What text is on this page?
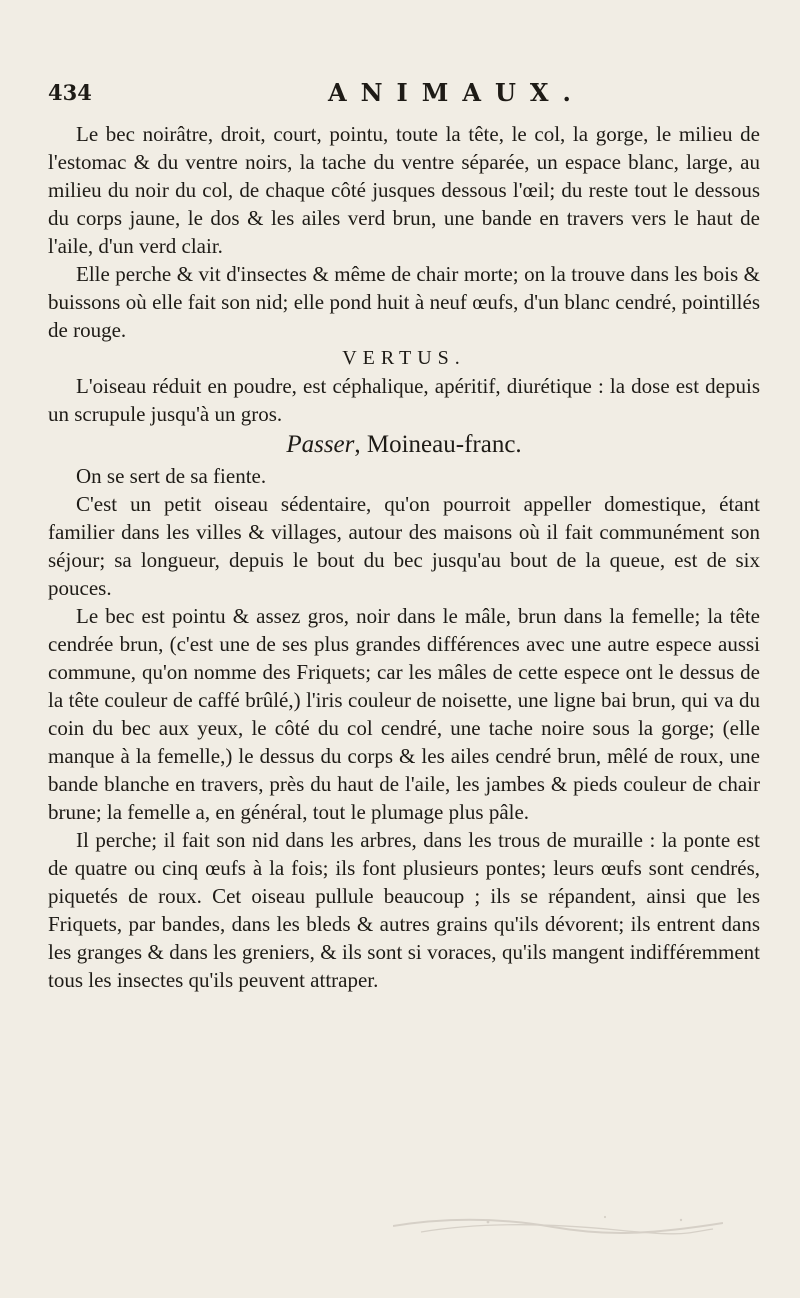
434	ANIMAUX.

Le bec noirâtre, droit, court, pointu, toute la tête, le col, la gorge, le milieu de l'estomac & du ventre noirs, la tache du ventre séparée, un espace blanc, large, au milieu du noir du col, de chaque côté jusques dessous l'œil; du reste tout le dessous du corps jaune, le dos & les ailes verd brun, une bande en travers vers le haut de l'aile, d'un verd clair.

Elle perche & vit d'insectes & même de chair morte; on la trouve dans les bois & buissons où elle fait son nid; elle pond huit à neuf œufs, d'un blanc cendré, pointillés de rouge.

VERTUS.

L'oiseau réduit en poudre, est céphalique, apéritif, diurétique : la dose est depuis un scrupule jusqu'à un gros.

Passer, Moineau-franc.

On se sert de sa fiente.

C'est un petit oiseau sédentaire, qu'on pourroit appeller domestique, étant familier dans les villes & villages, autour des maisons où il fait communément son séjour; sa longueur, depuis le bout du bec jusqu'au bout de la queue, est de six pouces.

Le bec est pointu & assez gros, noir dans le mâle, brun dans la femelle; la tête cendrée brun, (c'est une de ses plus grandes différences avec une autre espece aussi commune, qu'on nomme des Friquets; car les mâles de cette espece ont le dessus de la tête couleur de caffé brûlé,) l'iris couleur de noisette, une ligne bai brun, qui va du coin du bec aux yeux, le côté du col cendré, une tache noire sous la gorge; (elle manque à la femelle,) le dessus du corps & les ailes cendré brun, mêlé de roux, une bande blanche en travers, près du haut de l'aile, les jambes & pieds couleur de chair brune; la femelle a, en général, tout le plumage plus pâle.

Il perche; il fait son nid dans les arbres, dans les trous de muraille : la ponte est de quatre ou cinq œufs à la fois; ils font plusieurs pontes; leurs œufs sont cendrés, piquetés de roux. Cet oiseau pullule beaucoup ; ils se répandent, ainsi que les Friquets, par bandes, dans les bleds & autres grains qu'ils dévorent; ils entrent dans les granges & dans les greniers, & ils sont si voraces, qu'ils mangent indifféremment tous les insectes qu'ils peuvent attraper.
